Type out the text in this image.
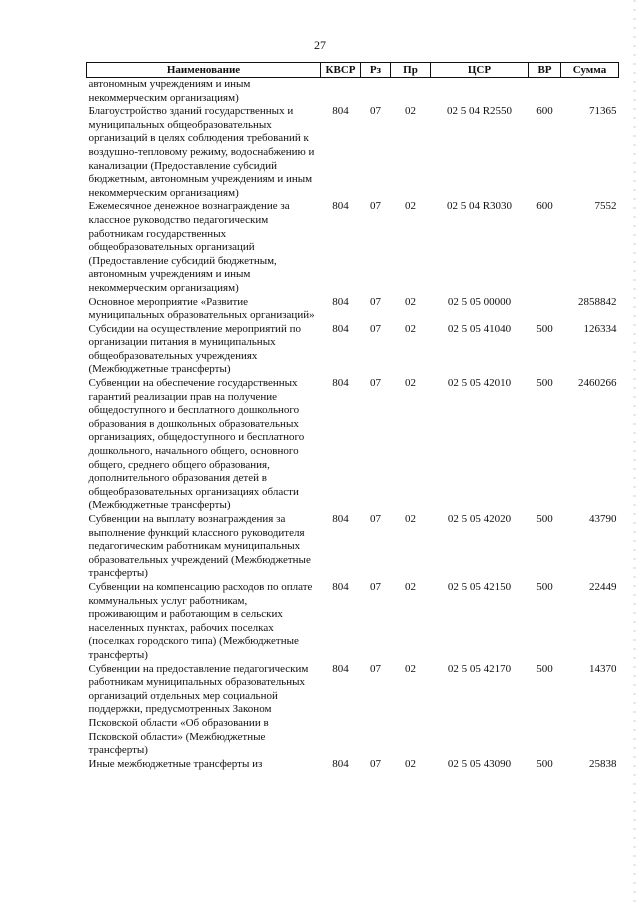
27
Наименование	КВСР	Рз	Пр	ЦСР	ВР	Сумма
автономным учреждениям и иным некоммерческим организациям)						
Благоустройство зданий государственных и муниципальных общеобразовательных организаций в целях соблюдения требований к воздушно-тепловому режиму, водоснабжению и канализации (Предоставление субсидий бюджетным, автономным учреждениям и иным некоммерческим организациям)	804	07	02	02 5 04 R2550	600	71365
Ежемесячное денежное вознаграждение за классное руководство педагогическим работникам государственных общеобразовательных организаций (Предоставление субсидий бюджетным, автономным учреждениям и иным некоммерческим организациям)	804	07	02	02 5 04 R3030	600	7552
Основное мероприятие «Развитие муниципальных образовательных организаций»	804	07	02	02 5 05 00000		2858842
Субсидии на осуществление мероприятий по организации питания в муниципальных общеобразовательных учреждениях (Межбюджетные трансферты)	804	07	02	02 5 05 41040	500	126334
Субвенции на обеспечение государственных гарантий реализации прав на получение общедоступного и бесплатного дошкольного образования в дошкольных образовательных организациях, общедоступного и бесплатного дошкольного, начального общего, основного общего, среднего общего образования, дополнительного образования детей в общеобразовательных организациях области (Межбюджетные трансферты)	804	07	02	02 5 05 42010	500	2460266
Субвенции на выплату вознаграждения за выполнение функций классного руководителя педагогическим работникам муниципальных образовательных учреждений (Межбюджетные трансферты)	804	07	02	02 5 05 42020	500	43790
Субвенции на компенсацию расходов по оплате коммунальных услуг работникам, проживающим и работающим в сельских населенных пунктах, рабочих поселках (поселках городского типа) (Межбюджетные трансферты)	804	07	02	02 5 05 42150	500	22449
Субвенции на предоставление педагогическим работникам муниципальных образовательных организаций отдельных мер социальной поддержки, предусмотренных Законом Псковской области «Об образовании в Псковской области» (Межбюджетные трансферты)	804	07	02	02 5 05 42170	500	14370
Иные межбюджетные трансферты из	804	07	02	02 5 05 43090	500	25838
